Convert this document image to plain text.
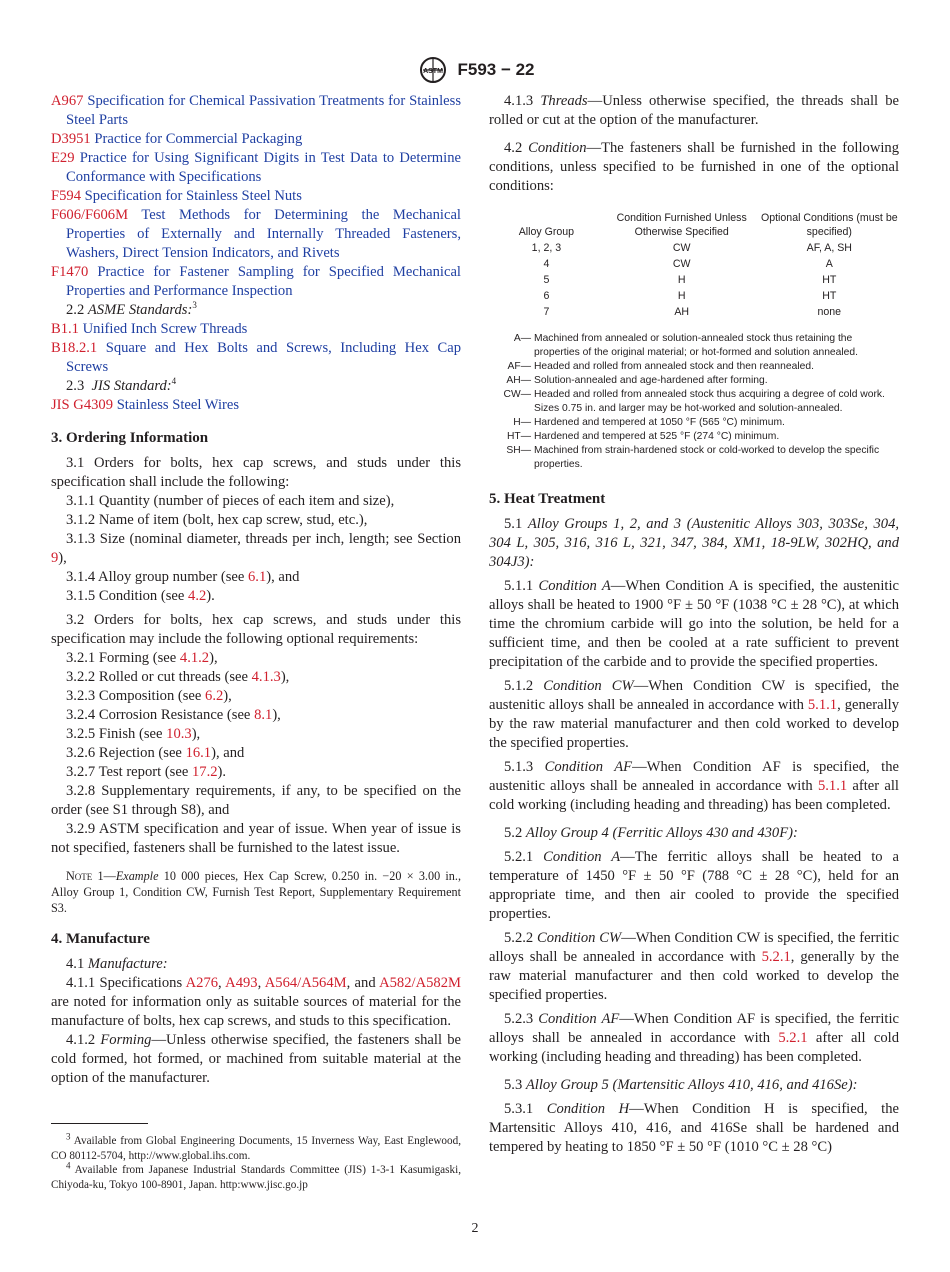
ASTM F593 − 22
A967 Specification for Chemical Passivation Treatments for Stainless Steel Parts
D3951 Practice for Commercial Packaging
E29 Practice for Using Significant Digits in Test Data to Determine Conformance with Specifications
F594 Specification for Stainless Steel Nuts
F606/F606M Test Methods for Determining the Mechanical Properties of Externally and Internally Threaded Fasteners, Washers, Direct Tension Indicators, and Rivets
F1470 Practice for Fastener Sampling for Specified Mechanical Properties and Performance Inspection
2.2 ASME Standards:$^3$
B1.1 Unified Inch Screw Threads
B18.2.1 Square and Hex Bolts and Screws, Including Hex Cap Screws
2.3  JIS Standard:$^4$
JIS G4309 Stainless Steel Wires
3. Ordering Information

3.1 Orders for bolts, hex cap screws, and studs under this specification shall include the following:

3.1.1 Quantity (number of pieces of each item and size),
3.1.2 Name of item (bolt, hex cap screw, stud, etc.),
3.1.3 Size (nominal diameter, threads per inch, length; see Section 9),
3.1.4 Alloy group number (see 6.1), and
3.1.5 Condition (see 4.2).

3.2 Orders for bolts, hex cap screws, and studs under this specification may include the following optional requirements:

3.2.1 Forming (see 4.1.2),
3.2.2 Rolled or cut threads (see 4.1.3),
3.2.3 Composition (see 6.2),
3.2.4 Corrosion Resistance (see 8.1),
3.2.5 Finish (see 10.3),
3.2.6 Rejection (see 16.1), and
3.2.7 Test report (see 17.2).

3.2.8 Supplementary requirements, if any, to be specified on the order (see S1 through S8), and

3.2.9 ASTM specification and year of issue. When year of issue is not specified, fasteners shall be furnished to the latest issue.

Note 1—Example 10 000 pieces, Hex Cap Screw, 0.250 in. −20 × 3.00 in., Alloy Group 1, Condition CW, Furnish Test Report, Supplementary Requirement S3.

4. Manufacture
4.1 Manufacture:

4.1.1 Specifications A276, A493, A564/A564M, and A582/A582M are noted for information only as suitable sources of material for the manufacture of bolts, hex cap screws, and studs to this specification.

4.1.2 Forming—Unless otherwise specified, the fasteners shall be cold formed, hot formed, or machined from suitable material at the option of the manufacturer.

$^3$ Available from Global Engineering Documents, 15 Inverness Way, East Englewood, CO 80112-5704, http://www.global.ihs.com.
$^4$ Available from Japanese Industrial Standards Committee (JIS) 1-3-1 Kasumigaski, Chiyoda-ku, Tokyo 100-8901, Japan. http:www.jisc.go.jp

4.1.3 Threads—Unless otherwise specified, the threads shall be rolled or cut at the option of the manufacturer.

4.2 Condition—The fasteners shall be furnished in the following conditions, unless specified to be furnished in one of the optional conditions:

Alloy Group	Condition Furnished Unless Otherwise Specified	Optional Conditions (must be specified)
1, 2, 3	CW	AF, A, SH
4	CW	A
5	H	HT
6	H	HT
7	AH	none
A— Machined from annealed or solution-annealed stock thus retaining the properties of the original material; or hot-formed and solution annealed.
AF— Headed and rolled from annealed stock and then reannealed.
AH— Solution-annealed and age-hardened after forming.
CW— Headed and rolled from annealed stock thus acquiring a degree of cold work. Sizes 0.75 in. and larger may be hot-worked and solution-annealed.
H— Hardened and tempered at 1050 °F (565 °C) minimum.
HT— Hardened and tempered at 525 °F (274 °C) minimum.
SH— Machined from strain-hardened stock or cold-worked to develop the specific properties.
5. Heat Treatment

5.1 Alloy Groups 1, 2, and 3 (Austenitic Alloys 303, 303Se, 304, 304 L, 305, 316, 316 L, 321, 347, 384, XM1, 18-9LW, 302HQ, and 304J3):

5.1.1 Condition A—When Condition A is specified, the austenitic alloys shall be heated to 1900 °F ± 50 °F (1038 °C ± 28 °C), at which time the chromium carbide will go into the solution, be held for a sufficient time, and then be cooled at a rate sufficient to prevent precipitation of the carbide and to provide the specified properties.

5.1.2 Condition CW—When Condition CW is specified, the austenitic alloys shall be annealed in accordance with 5.1.1, generally by the raw material manufacturer and then cold worked to develop the specified properties.

5.1.3 Condition AF—When Condition AF is specified, the austenitic alloys shall be annealed in accordance with 5.1.1 after all cold working (including heading and threading) has been completed.

5.2 Alloy Group 4 (Ferritic Alloys 430 and 430F):

5.2.1 Condition A—The ferritic alloys shall be heated to a temperature of 1450 °F ± 50 °F (788 °C ± 28 °C), held for an appropriate time, and then air cooled to provide the specified properties.

5.2.2 Condition CW—When Condition CW is specified, the ferritic alloys shall be annealed in accordance with 5.2.1, generally by the raw material manufacturer and then cold worked to develop the specified properties.

5.2.3 Condition AF—When Condition AF is specified, the ferritic alloys shall be annealed in accordance with 5.2.1 after all cold working (including heading and threading) has been completed.

5.3 Alloy Group 5 (Martensitic Alloys 410, 416, and 416Se):

5.3.1 Condition H—When Condition H is specified, the Martensitic Alloys 410, 416, and 416Se shall be hardened and tempered by heating to 1850 °F ± 50 °F (1010 °C ± 28 °C)

2
